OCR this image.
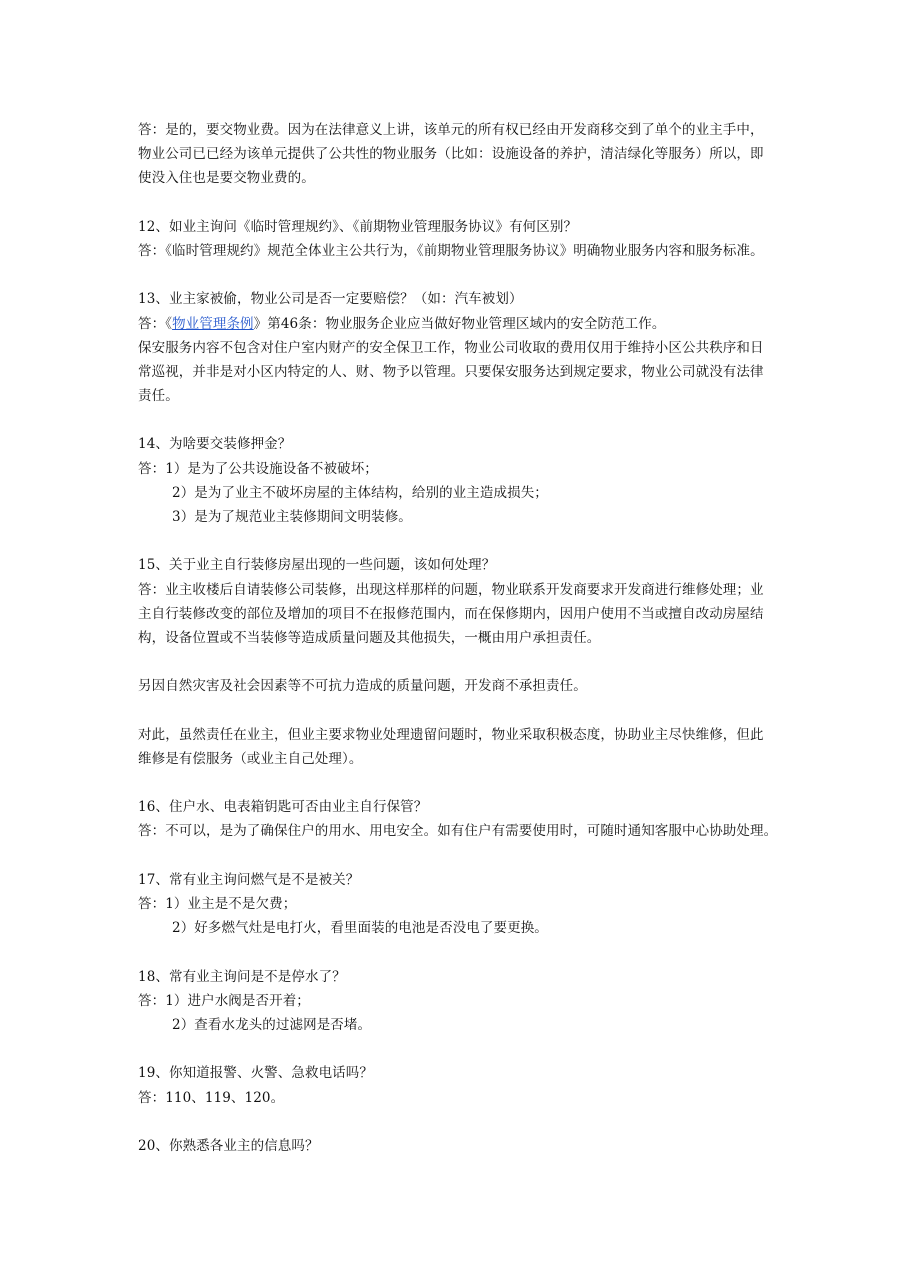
答：是的，要交物业费。因为在法律意义上讲，该单元的所有权已经由开发商移交到了单个的业主手中，
物业公司已已经为该单元提供了公共性的物业服务（比如：设施设备的养护，清洁绿化等服务）所以，即
使没入住也是要交物业费的。
12、如业主询问《临时管理规约》、《前期物业管理服务协议》有何区别？
答：《临时管理规约》规范全体业主公共行为，《前期物业管理服务协议》明确物业服务内容和服务标准。
13、业主家被偷，物业公司是否一定要赔偿？（如：汽车被划）
答：《物业管理条例》第46条：物业服务企业应当做好物业管理区域内的安全防范工作。
保安服务内容不包含对住户室内财产的安全保卫工作，物业公司收取的费用仅用于维持小区公共秩序和日
常巡视，并非是对小区内特定的人、财、物予以管理。只要保安服务达到规定要求，物业公司就没有法律
责任。
14、为啥要交装修押金？
答：1）是为了公共设施设备不被破坏；
2）是为了业主不破坏房屋的主体结构，给别的业主造成损失；
3）是为了规范业主装修期间文明装修。
15、关于业主自行装修房屋出现的一些问题，该如何处理？
答：业主收楼后自请装修公司装修，出现这样那样的问题，物业联系开发商要求开发商进行维修处理；业
主自行装修改变的部位及增加的项目不在报修范围内，而在保修期内，因用户使用不当或擅自改动房屋结
构，设备位置或不当装修等造成质量问题及其他损失，一概由用户承担责任。
另因自然灾害及社会因素等不可抗力造成的质量问题，开发商不承担责任。
对此，虽然责任在业主，但业主要求物业处理遗留问题时，物业采取积极态度，协助业主尽快维修，但此
维修是有偿服务（或业主自己处理）。
16、住户水、电表箱钥匙可否由业主自行保管？
答：不可以，是为了确保住户的用水、用电安全。如有住户有需要使用时，可随时通知客服中心协助处理。
17、常有业主询问燃气是不是被关？
答：1）业主是不是欠费；
2）好多燃气灶是电打火，看里面装的电池是否没电了要更换。
18、常有业主询问是不是停水了？
答：1）进户水阀是否开着；
2）查看水龙头的过滤网是否堵。
19、你知道报警、火警、急救电话吗？
答：110、119、120。
20、你熟悉各业主的信息吗？
